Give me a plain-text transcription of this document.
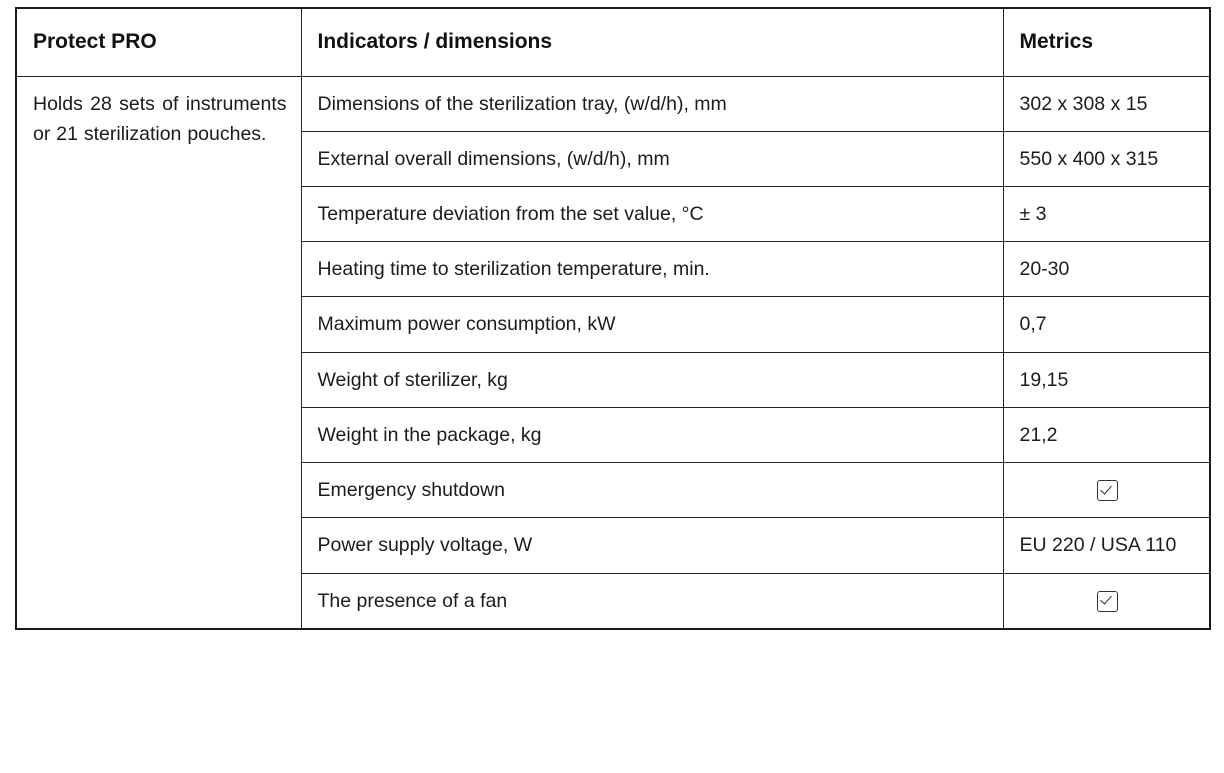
Protect PRO	Indicators / dimensions	Metrics
Holds 28 sets of instruments or 21 sterilization pouches.	Dimensions of the sterilization tray, (w/d/h), mm	302 x 308 x 15
	External overall dimensions, (w/d/h), mm	550 x 400 x 315
	Temperature deviation from the set value, °C	± 3
	Heating time to sterilization temperature, min.	20-30
	Maximum power consumption, kW	0,7
	Weight of sterilizer, kg	19,15
	Weight in the package, kg	21,2
	Emergency shutdown	
	Power supply voltage, W	EU 220 / USA 110
	The presence of a fan	
